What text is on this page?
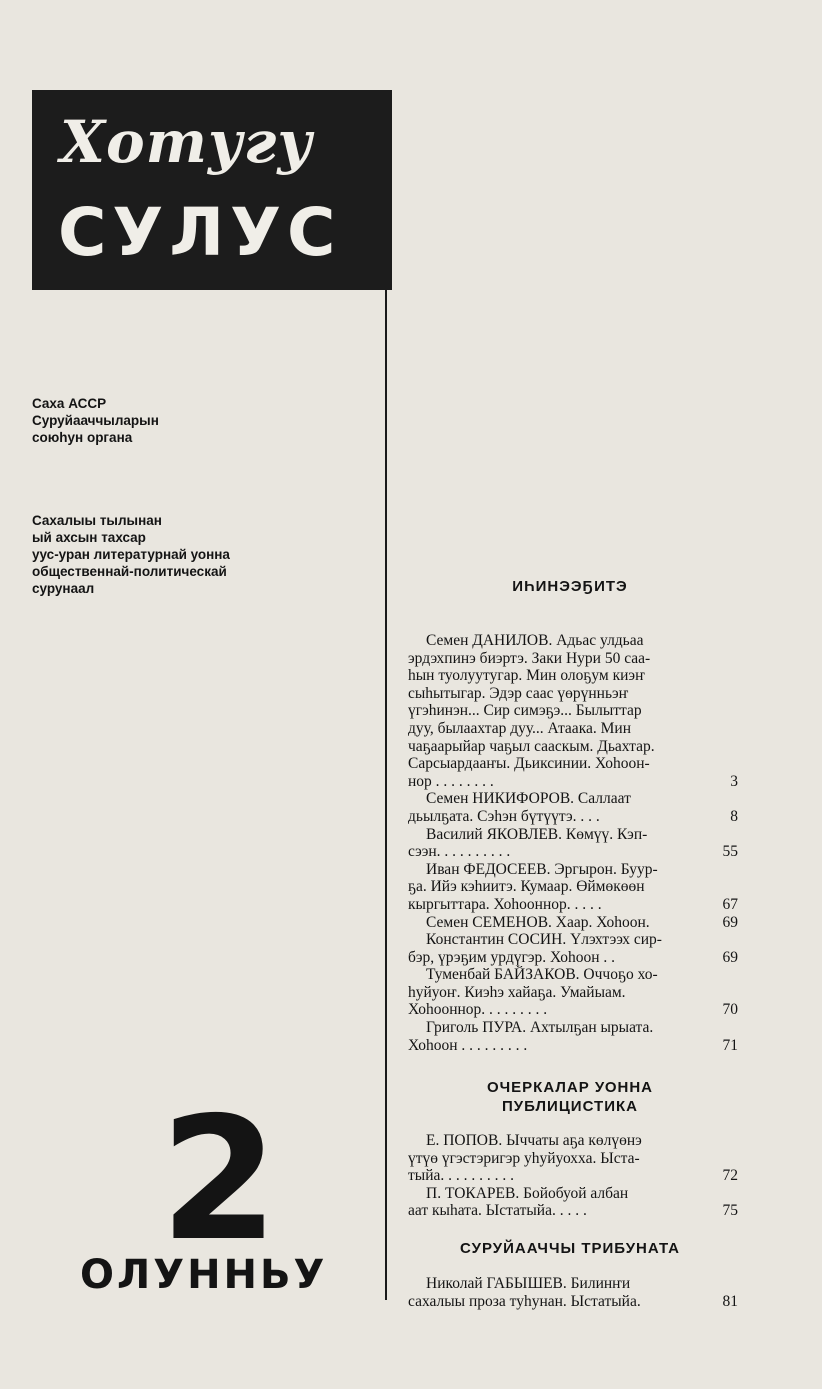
Хотугу
СУЛУС
Саха АССР
Суруйааччыларын
союһун органа
Сахалыы тылынан
ый ахсын тахсар
уус-уран литературнай уонна
общественнай-политическай
сурунаал
2
ОЛУННЬУ
ИҺИНЭЭҔИТЭ
Семен ДАНИЛОВ. Адьас улдьаа
эрдэхпинэ биэртэ. Заки Нури 50 саа-
һын туолуутугар. Мин олоҕум киэҥ
сыһытыгар. Эдэр саас үөрүнньэҥ
үгэһинэн... Сир симэҕэ... Былыттар
дуу, былаахтар дуу... Атаака. Мин
чаҕаарыйар чаҕыл сааскым. Дьахтар.
Сарсыардааҥы. Дьиксинии. Хоһоон-
нор . . . . . . . .	3
Семен НИКИФОРОВ. Саллаат
дьылҕата. Сэһэн бүтүүтэ. . . .	8
Василий ЯКОВЛЕВ. Көмүү. Кэп-
сээн. . . . . . . . . .	55
Иван ФЕДОСЕЕВ. Эргырон. Буур-
ҕа. Ийэ кэһиитэ. Кумаар. Өймөкөөн
кыргыттара. Хоһооннор. . . . .	67
Семен СЕМЕНОВ. Хаар. Хоһоон.	69
Константин СОСИН. Үлэхтээх сир-
бэр, үрэҕим урдүгэр. Хоһоон . .	69
Туменбай БАЙЗАКОВ. Оччоҕо хо-
һуйуоҥ. Киэһэ хайаҕа. Умайыам.
Хоһооннор. . . . . . . . .	70
Григоль ПУРА. Ахтылҕан ырыата.
Хоһоон . . . . . . . . .	71
ОЧЕРКАЛАР УОННА
ПУБЛИЦИСТИКА
Е. ПОПОВ. Ыччаты аҕа көлүөнэ
үтүө үгэстэригэр уһуйуохха. Ыста-
тыйа. . . . . . . . . .	72
П. ТОКАРЕВ. Бойобуой албан
аат кыһата. Ыстатыйа. . . . .	75
СУРУЙААЧЧЫ ТРИБУНАТА
Николай ГАБЫШЕВ. Билинҥи
сахалыы проза туһунан. Ыстатыйа.	81
